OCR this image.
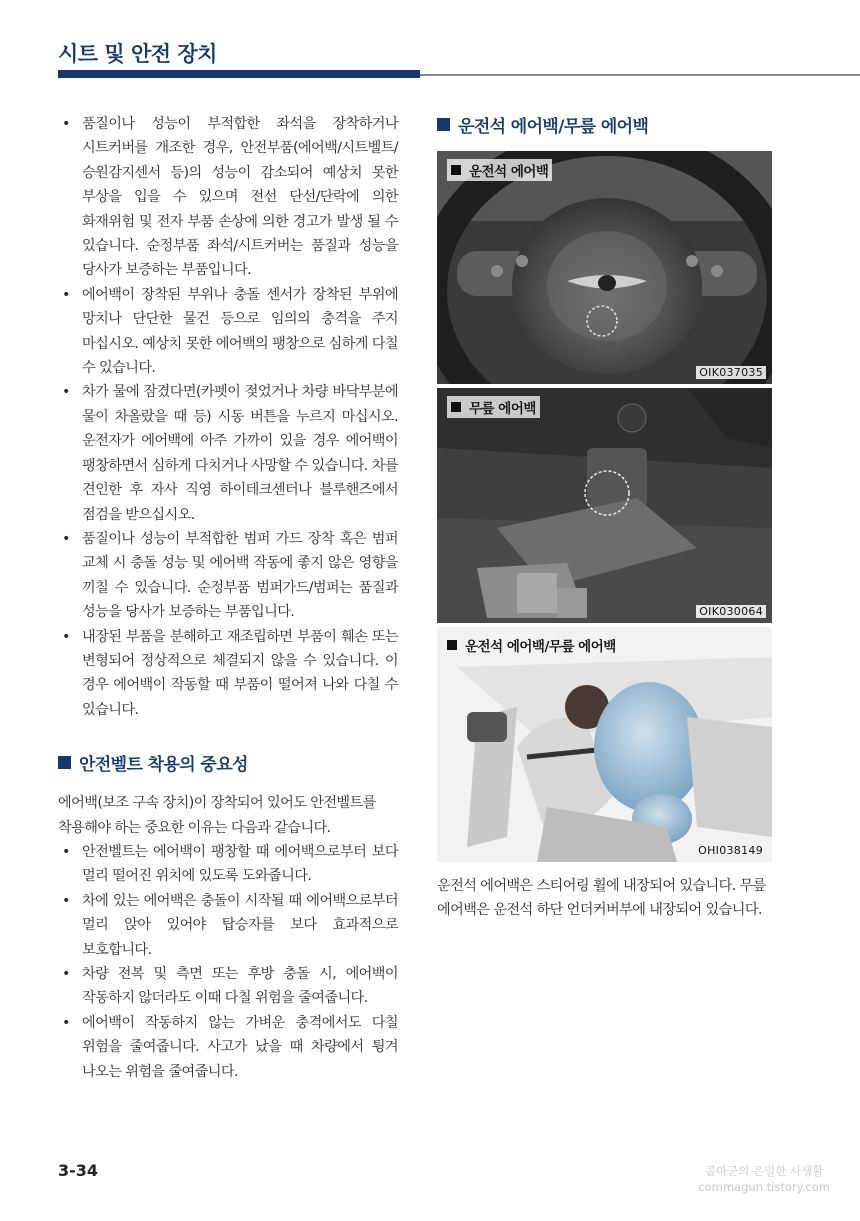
시트 및 안전 장치
• 품질이나 성능이 부적합한 좌석을 장착하거나 시트커버를 개조한 경우, 안전부품(에어백/시트벨트/승원감지센서 등)의 성능이 감소되어 예상치 못한 부상을 입을 수 있으며 전선 단선/단락에 의한 화재위험 및 전자 부품 손상에 의한 경고가 발생 될 수 있습니다. 순정부품 좌석/시트커버는 품질과 성능을 당사가 보증하는 부품입니다.
• 에어백이 장착된 부위나 충돌 센서가 장착된 부위에 망치나 단단한 물건 등으로 임의의 충격을 주지 마십시오. 예상치 못한 에어백의 팽창으로 심하게 다칠 수 있습니다.
• 차가 물에 잠겼다면(카펫이 젖었거나 차량 바닥부분에 물이 차올랐을 때 등) 시동 버튼을 누르지 마십시오. 운전자가 에어백에 아주 가까이 있을 경우 에어백이 팽창하면서 심하게 다치거나 사망할 수 있습니다. 차를 견인한 후 자사 직영 하이테크센터나 블루핸즈에서 점검을 받으십시오.
• 품질이나 성능이 부적합한 범퍼 가드 장착 혹은 범퍼 교체 시 충돌 성능 및 에어백 작동에 좋지 않은 영향을 끼칠 수 있습니다. 순정부품 범퍼가드/범퍼는 품질과 성능을 당사가 보증하는 부품입니다.
• 내장된 부품을 분해하고 재조립하면 부품이 훼손 또는 변형되어 정상적으로 체결되지 않을 수 있습니다. 이 경우 에어백이 작동할 때 부품이 떨어져 나와 다칠 수 있습니다.
안전벨트 착용의 중요성

에어백(보조 구속 장치)이 장착되어 있어도 안전벨트를 착용해야 하는 중요한 이유는 다음과 같습니다.

• 안전벨트는 에어백이 팽창할 때 에어백으로부터 보다 멀리 떨어진 위치에 있도록 도와줍니다.
• 차에 있는 에어백은 충돌이 시작될 때 에어백으로부터 멀리 앉아 있어야 탑승자를 보다 효과적으로 보호합니다.
• 차량 전복 및 측면 또는 후방 충돌 시, 에어백이 작동하지 않더라도 이때 다칠 위험을 줄여줍니다.
• 에어백이 작동하지 않는 가벼운 충격에서도 다칠 위험을 줄여줍니다. 사고가 났을 때 차량에서 튕겨 나오는 위험을 줄여줍니다.
운전석 에어백/무릎 에어백
운전석 에어백
OIK037035
무릎 에어백
OIK030064
운전석 에어백/무릎 에어백
OHI038149

운전석 에어백은 스티어링 휠에 내장되어 있습니다. 무릎 에어백은 운전석 하단 언더커버부에 내장되어 있습니다.

3-34	콤마군의 은밀한 사생활
commagun.tistory.com
